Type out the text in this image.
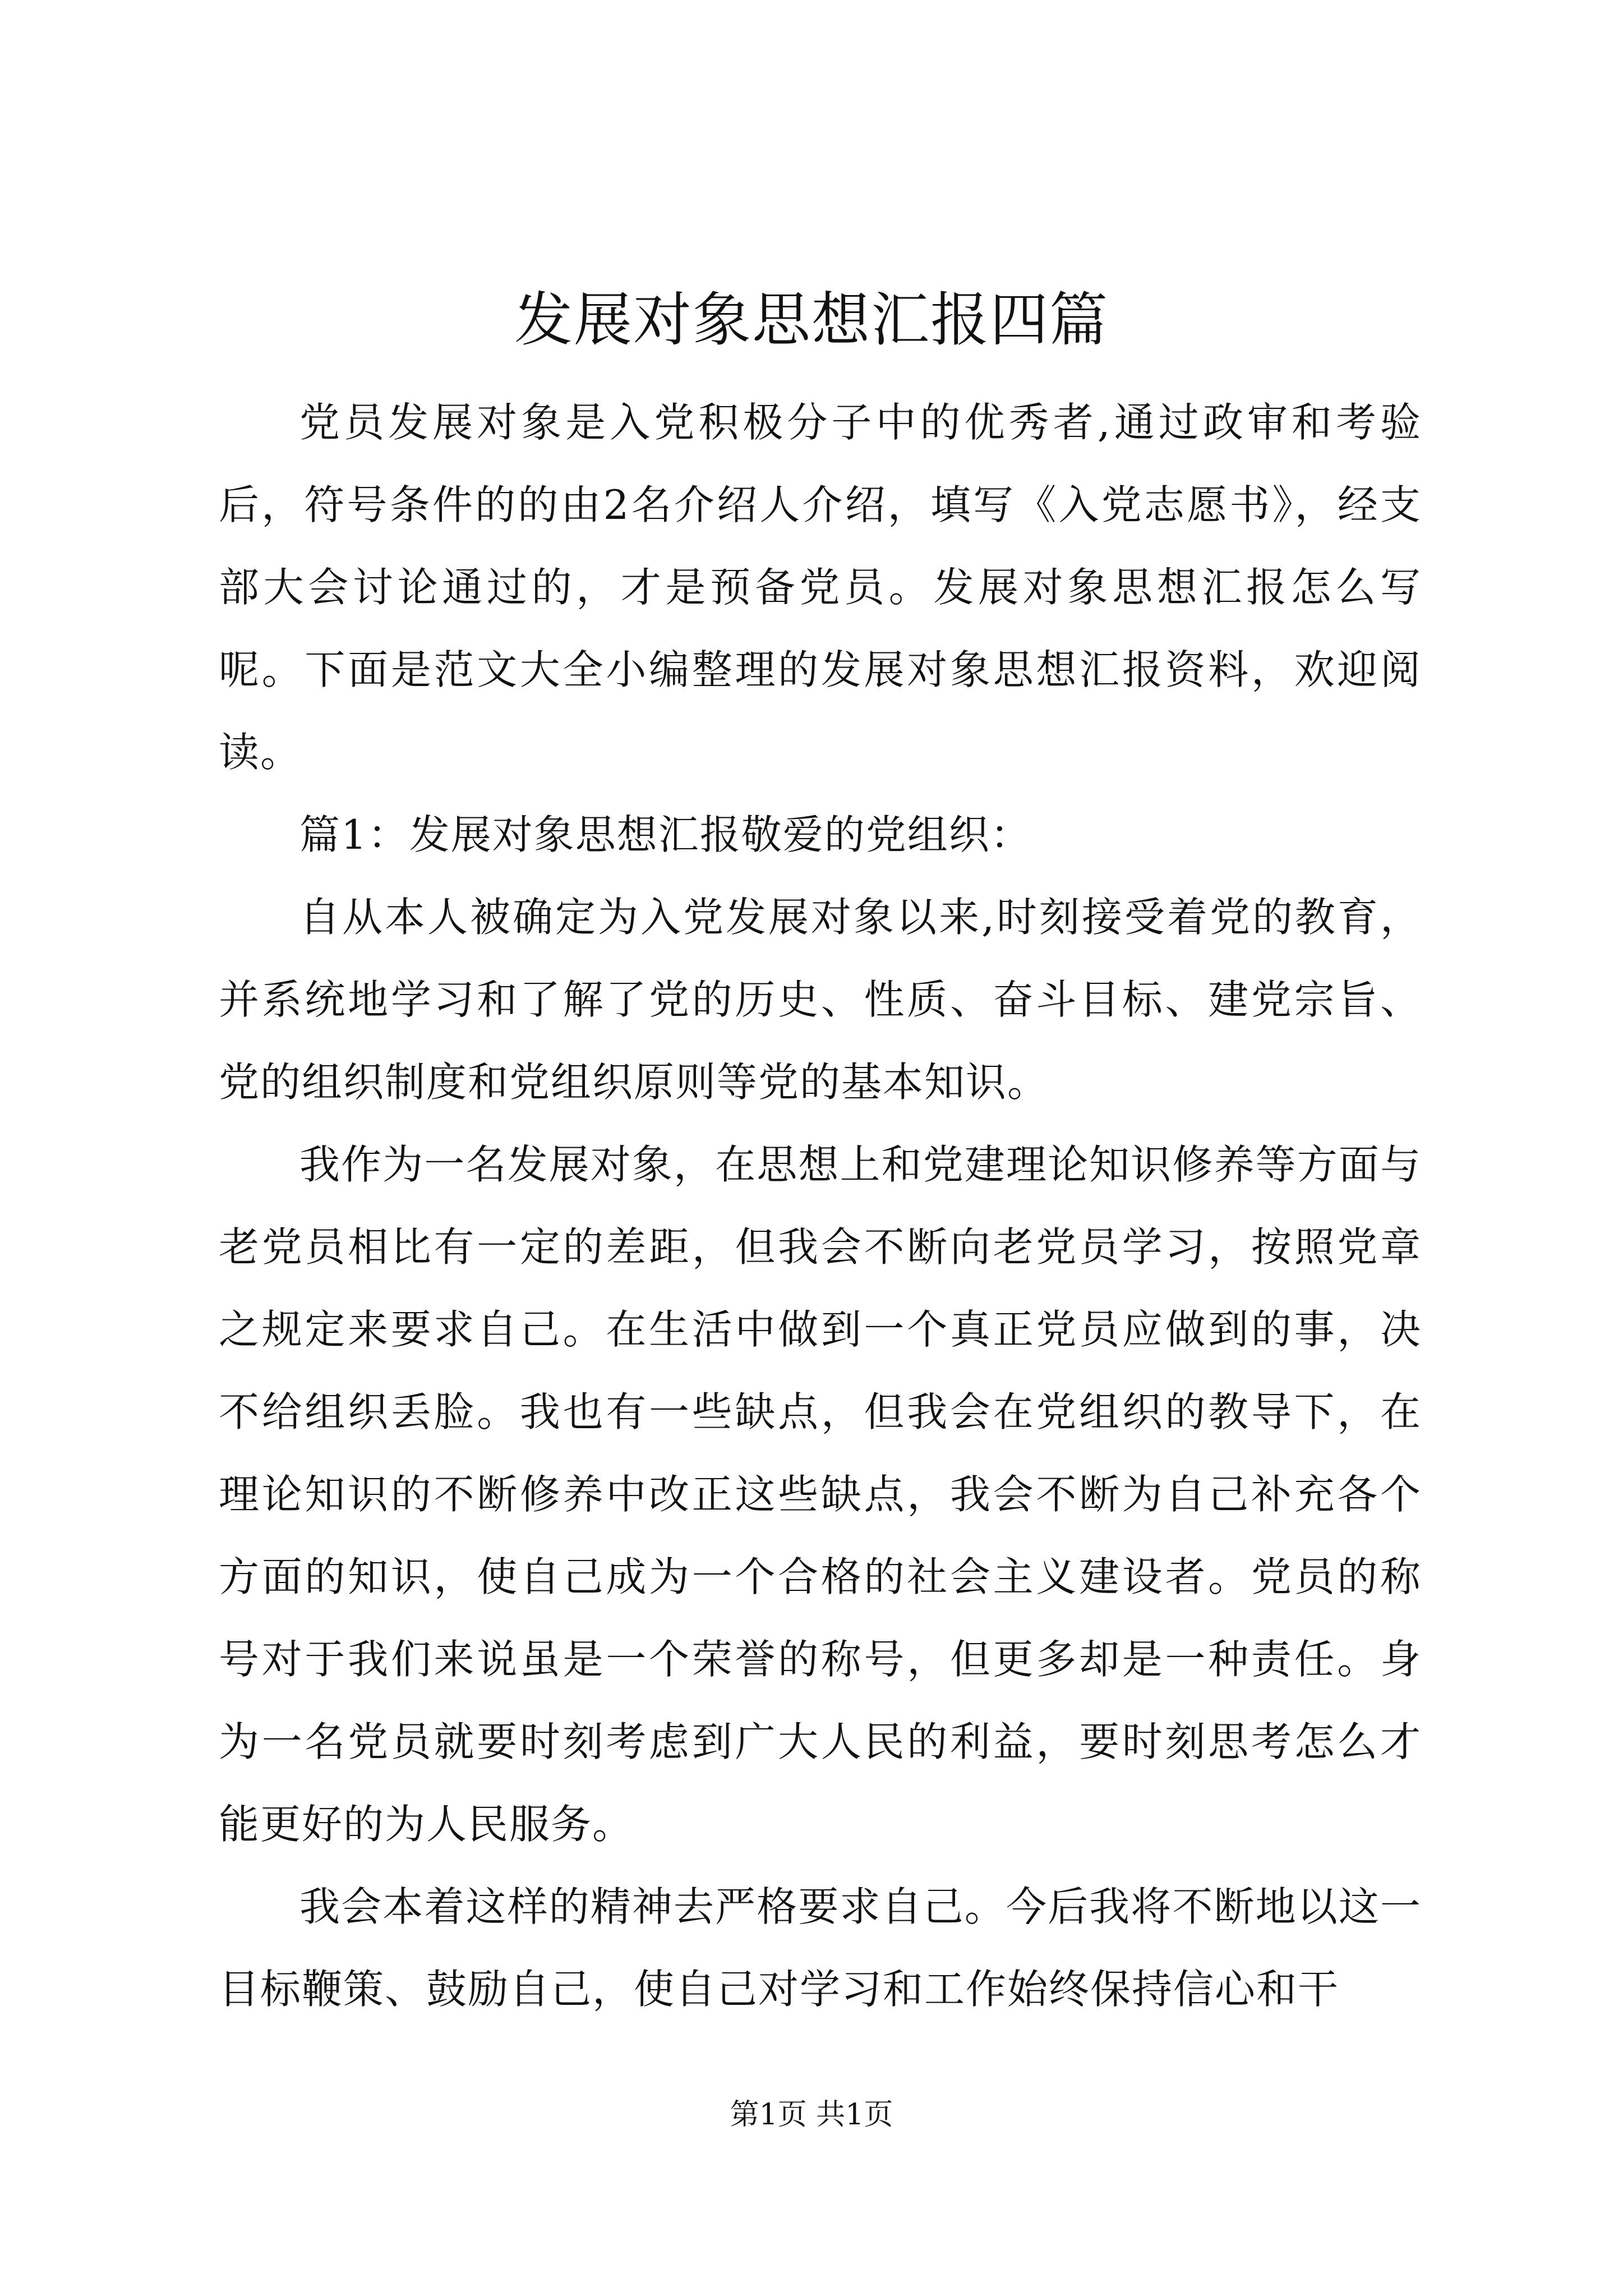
发展对象思想汇报四篇

党员发展对象是入党积极分子中的优秀者,通过政审和考验后，符号条件的的由2名介绍人介绍，填写《入党志愿书》，经支部大会讨论通过的，才是预备党员。发展对象思想汇报怎么写呢。下面是范文大全小编整理的发展对象思想汇报资料，欢迎阅读。

篇1：发展对象思想汇报敬爱的党组织：

自从本人被确定为入党发展对象以来,时刻接受着党的教育，并系统地学习和了解了党的历史、性质、奋斗目标、建党宗旨、党的组织制度和党组织原则等党的基本知识。

我作为一名发展对象，在思想上和党建理论知识修养等方面与老党员相比有一定的差距，但我会不断向老党员学习，按照党章之规定来要求自己。在生活中做到一个真正党员应做到的事，决不给组织丢脸。我也有一些缺点，但我会在党组织的教导下，在理论知识的不断修养中改正这些缺点，我会不断为自己补充各个方面的知识，使自己成为一个合格的社会主义建设者。党员的称号对于我们来说虽是一个荣誉的称号，但更多却是一种责任。身为一名党员就要时刻考虑到广大人民的利益，要时刻思考怎么才能更好的为人民服务。

我会本着这样的精神去严格要求自己。今后我将不断地以这一目标鞭策、鼓励自己，使自己对学习和工作始终保持信心和干

第1页 共1页
